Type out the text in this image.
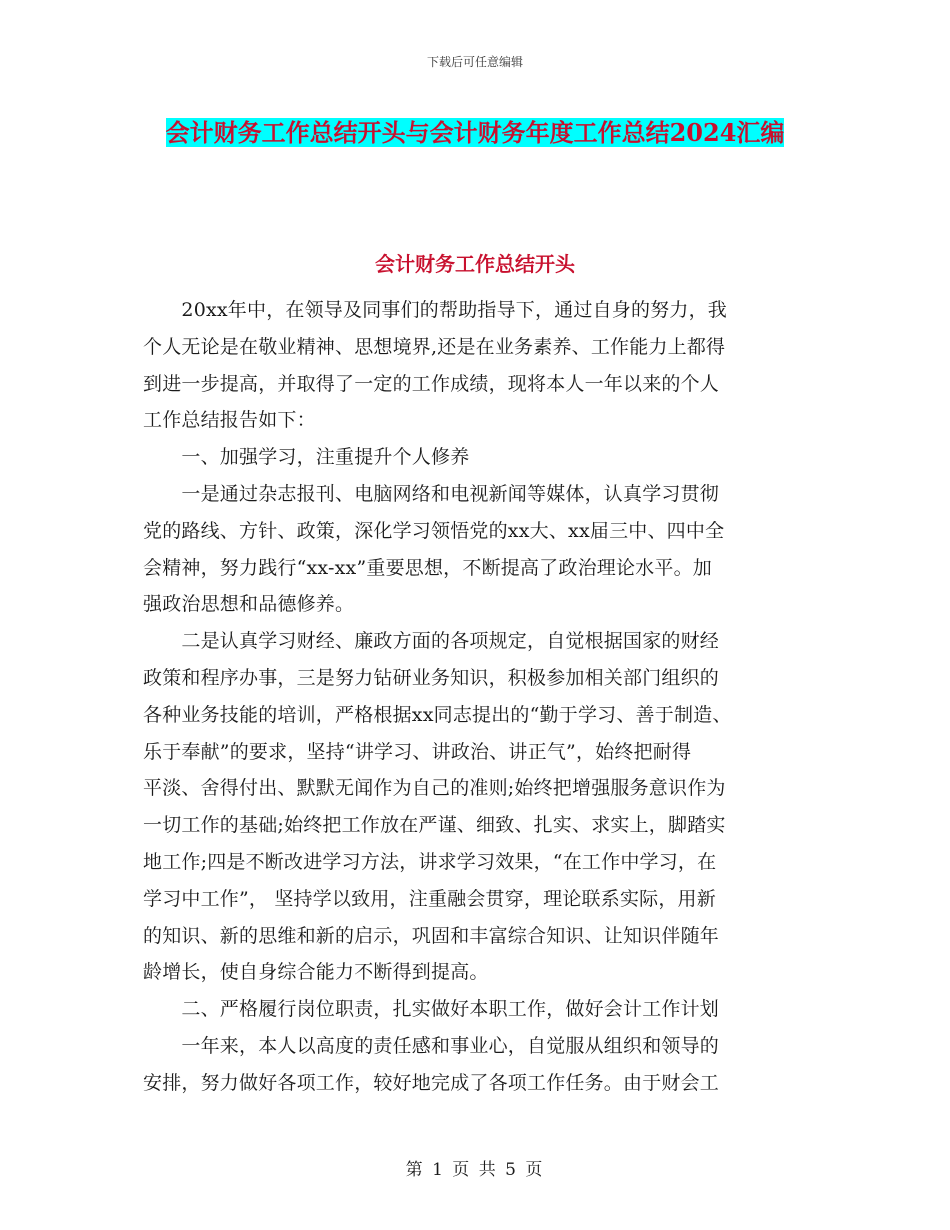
下载后可任意编辑
会计财务工作总结开头与会计财务年度工作总结2024汇编
会计财务工作总结开头
　　20xx年中，在领导及同事们的帮助指导下，通过自身的努力，我
个人无论是在敬业精神、思想境界,还是在业务素养、工作能力上都得
到进一步提高，并取得了一定的工作成绩，现将本人一年以来的个人
工作总结报告如下：
　　一、加强学习，注重提升个人修养
　　一是通过杂志报刊、电脑网络和电视新闻等媒体，认真学习贯彻
党的路线、方针、政策，深化学习领悟党的xx大、xx届三中、四中全
会精神，努力践行“xx-xx”重要思想，不断提高了政治理论水平。加
强政治思想和品德修养。
　　二是认真学习财经、廉政方面的各项规定，自觉根据国家的财经
政策和程序办事，三是努力钻研业务知识，积极参加相关部门组织的
各种业务技能的培训，严格根据xx同志提出的“勤于学习、善于制造、
乐于奉献”的要求，坚持“讲学习、讲政治、讲正气”，始终把耐得
平淡、舍得付出、默默无闻作为自己的准则;始终把增强服务意识作为
一切工作的基础;始终把工作放在严谨、细致、扎实、求实上，脚踏实
地工作;四是不断改进学习方法，讲求学习效果，“在工作中学习，在
学习中工作”， 坚持学以致用，注重融会贯穿，理论联系实际，用新
的知识、新的思维和新的启示，巩固和丰富综合知识、让知识伴随年
龄增长，使自身综合能力不断得到提高。
　　二、严格履行岗位职责，扎实做好本职工作，做好会计工作计划
　　一年来，本人以高度的责任感和事业心，自觉服从组织和领导的
安排，努力做好各项工作，较好地完成了各项工作任务。由于财会工
第 1 页 共 5 页
